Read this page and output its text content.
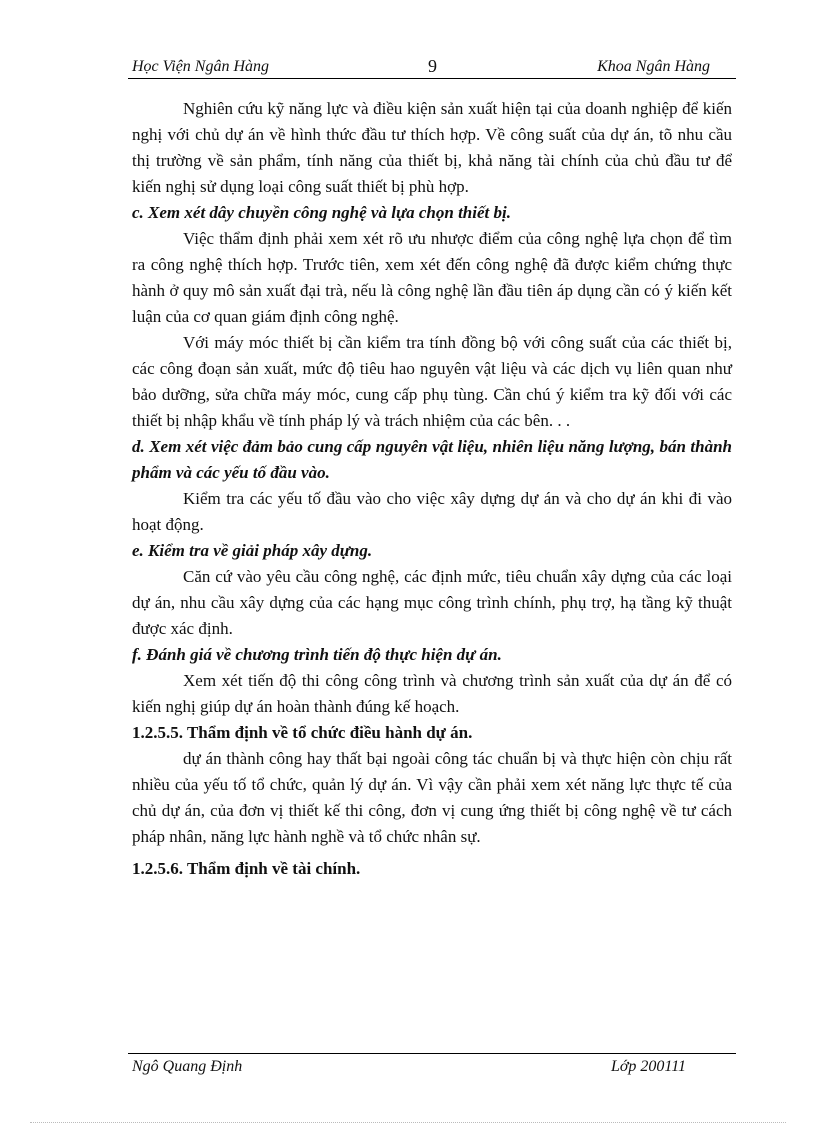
Học Viện Ngân Hàng	9	Khoa Ngân Hàng

Nghiên cứu kỹ năng lực và điều kiện sản xuất hiện tại của doanh nghiệp để kiến nghị với chủ dự án về hình thức đầu tư thích hợp. Về công suất của dự án, tõ nhu cầu thị trường về sản phẩm, tính năng của thiết bị, khả năng tài chính của chủ đầu tư để kiến nghị sử dụng loại công suất thiết bị phù hợp.

c. Xem xét dây chuyền công nghệ và lựa chọn thiết bị.

Việc thẩm định phải xem xét rõ ưu nhược điểm của công nghệ lựa chọn để tìm ra công nghệ thích hợp. Trước tiên, xem xét đến công nghệ đã được kiểm chứng thực hành ở quy mô sản xuất đại trà, nếu là công nghệ lần đầu tiên áp dụng cần có ý kiến kết luận của cơ quan giám định công nghệ.

Với máy móc thiết bị cần kiểm tra tính đồng bộ với công suất của các thiết bị, các công đoạn sản xuất, mức độ tiêu hao nguyên vật liệu và các dịch vụ liên quan như bảo dưỡng, sửa chữa máy móc, cung cấp phụ tùng. Cần chú ý kiểm tra kỹ đối với các thiết bị nhập khẩu về tính pháp lý và trách nhiệm của các bên. . .

d. Xem xét việc đảm bảo cung cấp nguyên vật liệu, nhiên liệu năng lượng, bán thành phẩm và các yếu tố đầu vào.

Kiểm tra các yếu tố đầu vào cho việc xây dựng dự án và cho dự án khi đi vào hoạt động.

e. Kiểm tra về giải pháp xây dựng.

Căn cứ vào yêu cầu công nghệ, các định mức, tiêu chuẩn xây dựng của các loại dự án, nhu cầu xây dựng của các hạng mục công trình chính, phụ trợ, hạ tầng kỹ thuật được xác định.

f. Đánh giá về chương trình tiến độ thực hiện dự án.

Xem xét tiến độ thi công công trình và chương trình sản xuất của dự án để có kiến nghị giúp dự án hoàn thành đúng kế hoạch.

1.2.5.5. Thẩm định về tổ chức điều hành dự án.

dự án thành công hay thất bại ngoài công tác chuẩn bị và thực hiện còn chịu rất nhiều của yếu tố tổ chức, quản lý dự án. Vì vậy cần phải xem xét năng lực thực tế của chủ dự án, của đơn vị thiết kế thi công, đơn vị cung ứng thiết bị công nghệ về tư cách pháp nhân, năng lực hành nghề và tổ chức nhân sự.

1.2.5.6. Thẩm định về tài chính.

Ngô Quang Định	Lớp 200111
